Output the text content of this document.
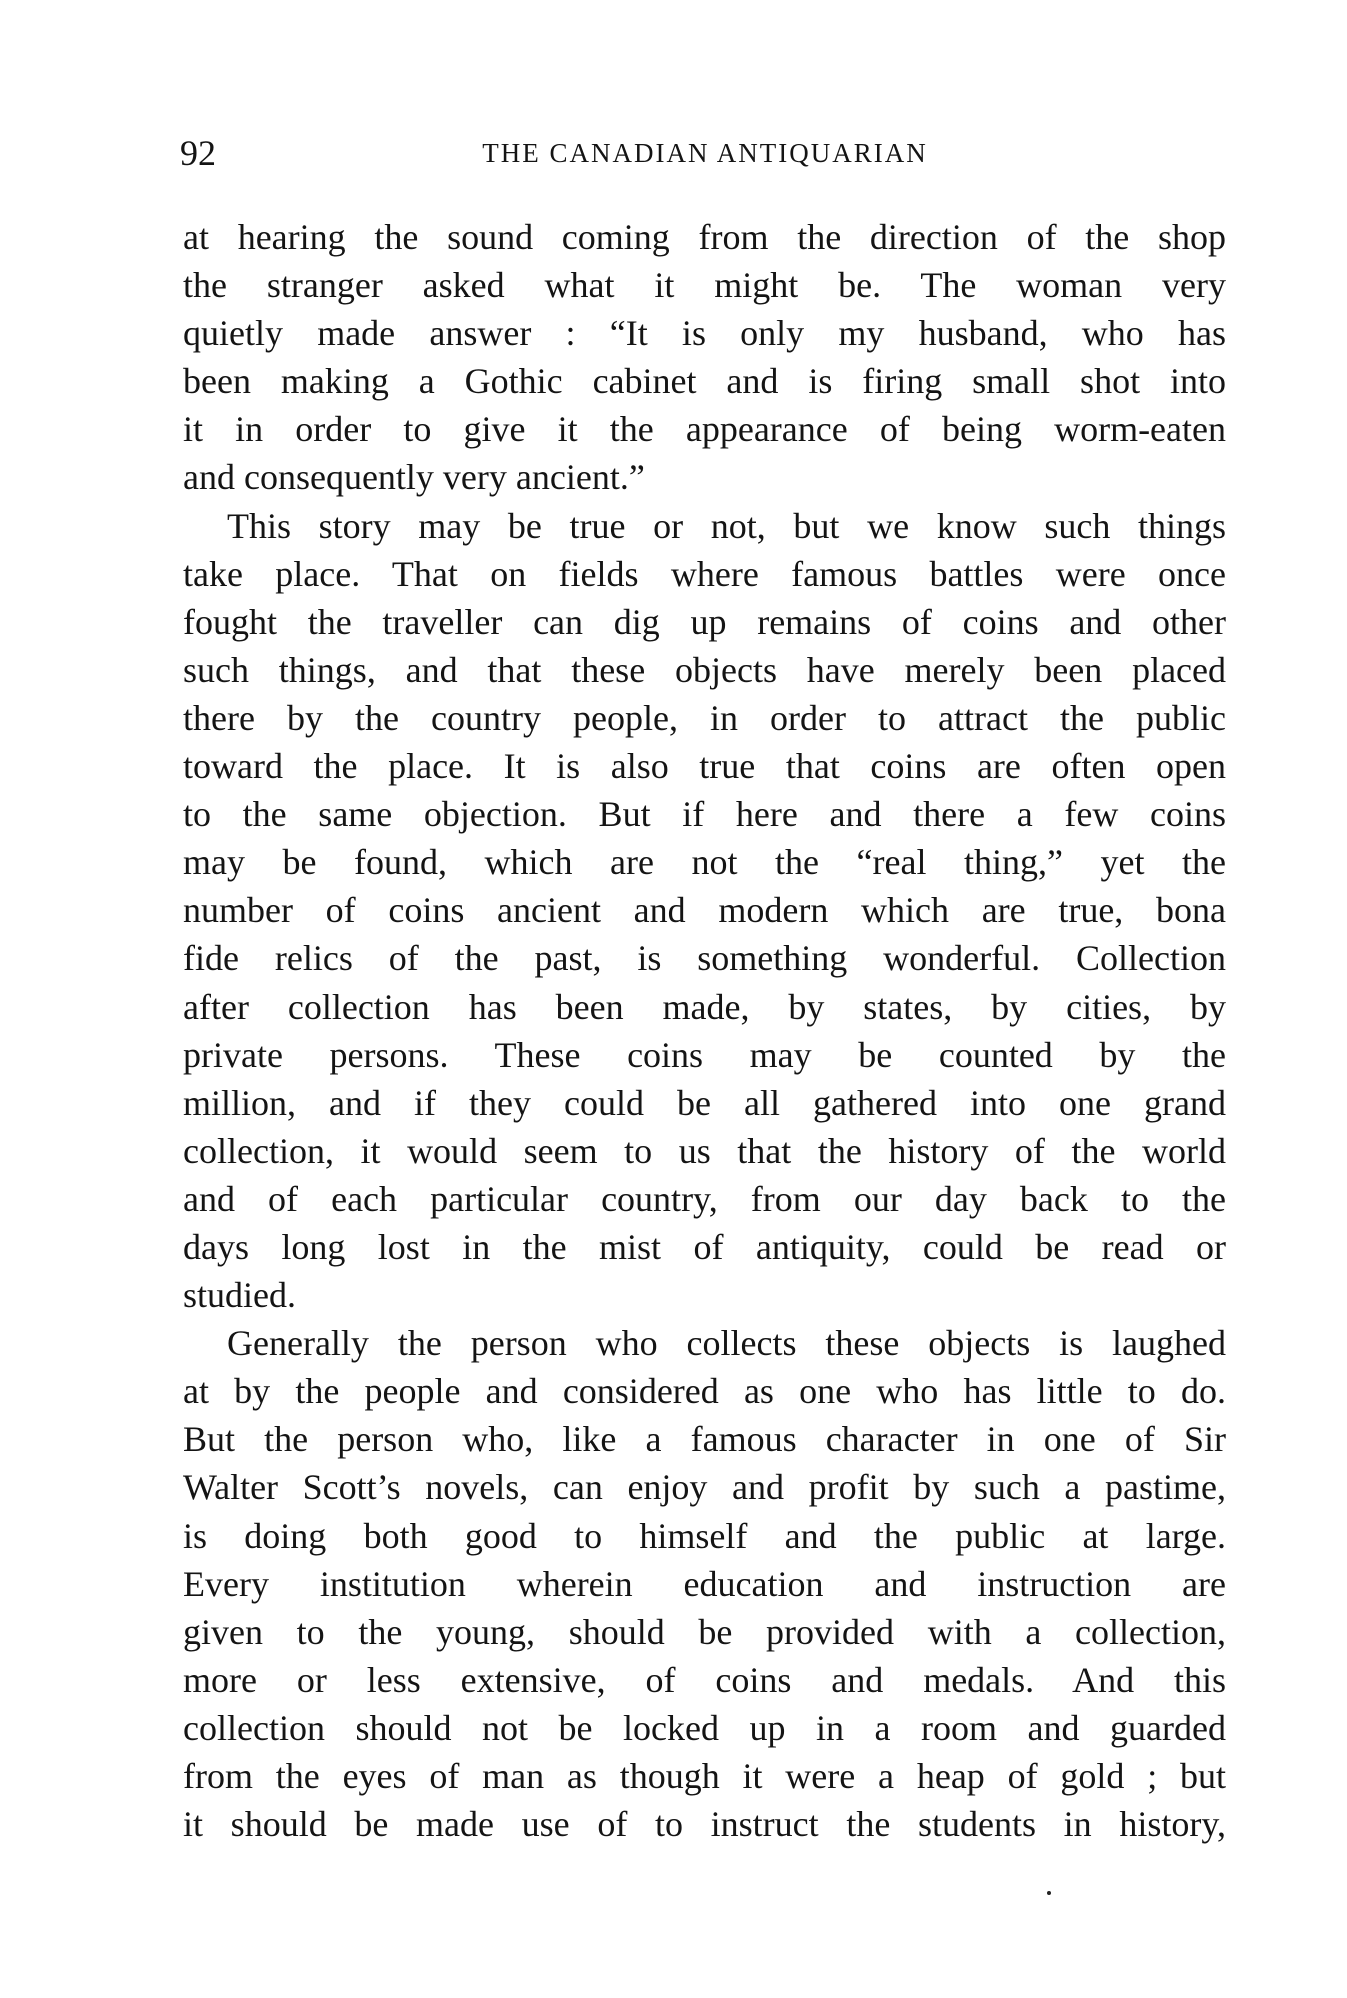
92	THE CANADIAN ANTIQUARIAN

at hearing the sound coming from the direction of the shop
the stranger asked what it might be. The woman very
quietly made answer : “It is only my husband, who has
been making a Gothic cabinet and is firing small shot into
it in order to give it the appearance of being worm-eaten
and consequently very ancient.”

This story may be true or not, but we know such things
take place. That on fields where famous battles were once
fought the traveller can dig up remains of coins and other
such things, and that these objects have merely been placed
there by the country people, in order to attract the public
toward the place. It is also true that coins are often open
to the same objection. But if here and there a few coins
may be found, which are not the “real thing,” yet the
number of coins ancient and modern which are true, bona
fide relics of the past, is something wonderful. Collection
after collection has been made, by states, by cities, by
private persons. These coins may be counted by the
million, and if they could be all gathered into one grand
collection, it would seem to us that the history of the world
and of each particular country, from our day back to the
days long lost in the mist of antiquity, could be read or
studied.

Generally the person who collects these objects is laughed
at by the people and considered as one who has little to do.
But the person who, like a famous character in one of Sir
Walter Scott’s novels, can enjoy and profit by such a pastime,
is doing both good to himself and the public at large.
Every institution wherein education and instruction are
given to the young, should be provided with a collection,
more or less extensive, of coins and medals. And this
collection should not be locked up in a room and guarded
from the eyes of man as though it were a heap of gold ; but
it should be made use of to instruct the students in history,
